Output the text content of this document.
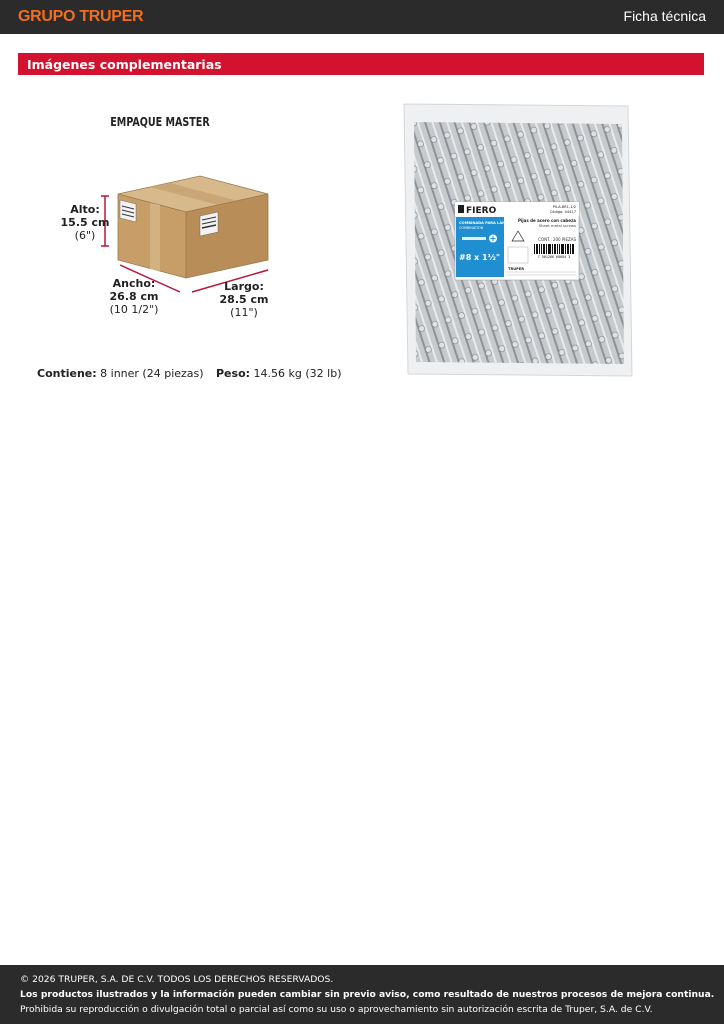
GRUPO TRUPER	Ficha técnica
Imágenes complementarias
EMPAQUE MASTER
Alto:
15.5 cm
(6")
Ancho:
26.8 cm
(10 1/2")
Largo:
28.5 cm
(11")
Contiene: 8 inner (24 piezas) Peso: 14.56 kg (32 lb)
FIERO	PILA-8R1-1/2
Código: 44417
Pijas de acero con cabeza
Sheet metal screws
COMBINADA PARA LÁMINA
COMBINATION
#8 x 1½"
CONT.: 200 PIEZAS
7 501206 68684 3
TRUPER

© 2026 TRUPER, S.A. DE C.V. TODOS LOS DERECHOS RESERVADOS.

Los productos ilustrados y la información pueden cambiar sin previo aviso, como resultado de nuestros procesos de mejora continua.

Prohibida su reproducción o divulgación total o parcial así como su uso o aprovechamiento sin autorización escrita de Truper, S.A. de C.V.
